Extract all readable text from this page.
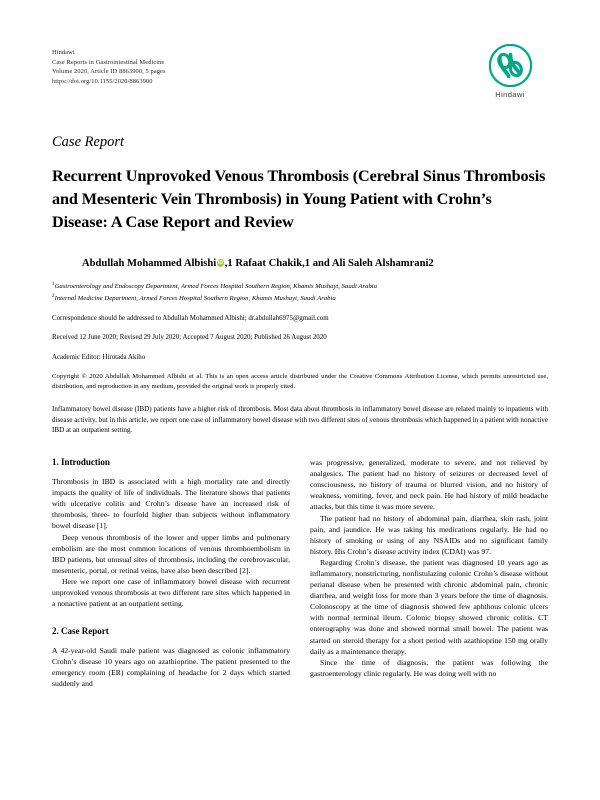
Hindawi
Case Reports in Gastrointestinal Medicine
Volume 2020, Article ID 8863900, 5 pages
https://doi.org/10.1155/2020/8863900
Hindawi
Case Report
Recurrent Unprovoked Venous Thrombosis (Cerebral Sinus Thrombosis and Mesenteric Vein Thrombosis) in Young Patient with Crohn’s Disease: A Case Report and Review
Abdullah Mohammed Albishi iD ,1 Rafaat Chakik,1 and Ali Saleh Alshamrani2

$^1$Gastroenterology and Endoscopy Department, Armed Forces Hospital Southern Region, Khamis Mushayt, Saudi Arabia

$^2$Internal Medicine Department, Armed Forces Hospital Southern Region, Khamis Mushayt, Saudi Arabia

Correspondence should be addressed to Abdullah Mohammed Albishi; dr.abdullah6975@gmail.com
Received 12 June 2020; Revised 29 July 2020; Accepted 7 August 2020; Published 26 August 2020
Academic Editor: Hirotada Akiho
Copyright © 2020 Abdullah Mohammed Albishi et al. This is an open access article distributed under the Creative Commons Attribution License, which permits unrestricted use, distribution, and reproduction in any medium, provided the original work is properly cited.
Inflammatory bowel disease (IBD) patients have a higher risk of thrombosis. Most data about thrombosis in inflammatory bowel disease are related mainly to inpatients with disease activity, but in this article, we report one case of inflammatory bowel disease with two different sites of venous thrombosis which happened in a patient with nonactive IBD at an outpatient setting.
1. Introduction

Thrombosis in IBD is associated with a high mortality rate and directly impacts the quality of life of individuals. The literature shows that patients with ulcerative colitis and Crohn’s disease have an increased risk of thrombosis, three- to fourfold higher than subjects without inflammatory bowel disease [1].

Deep venous thrombosis of the lower and upper limbs and pulmonary embolism are the most common locations of venous thromboembolism in IBD patients, but unusual sites of thrombosis, including the cerebrovascular, mesenteric, portal, or retinal veins, have also been described [2].

Here we report one case of inflammatory bowel disease with recurrent unprovoked venous thrombosis at two different rare sites which happened in a nonactive patient at an outpatient setting.

2. Case Report

A 42-year-old Saudi male patient was diagnosed as colonic inflammatory Crohn’s disease 10 years ago on azathioprine. The patient presented to the emergency room (ER) complaining of headache for 2 days which started suddenly and

was progressive, generalized, moderate to severe, and not relieved by analgesics. The patient had no history of seizures or decreased level of consciousness, no history of trauma or blurred vision, and no history of weakness, vomiting, fever, and neck pain. He had history of mild headache attacks, but this time it was more severe.

The patient had no history of abdominal pain, diarrhea, skin rash, joint pain, and jaundice. He was taking his medications regularly. He had no history of smoking or using of any NSAIDs and no significant family history. His Crohn’s disease activity index (CDAI) was 97.

Regarding Crohn’s disease, the patient was diagnosed 10 years ago as inflammatory, nonstricturing, nonfistulazing colonic Crohn’s disease without perianal disease when he presented with chronic abdominal pain, chronic diarrhea, and weight loss for more than 3 years before the time of diagnosis. Colonoscopy at the time of diagnosis showed few aphthous colonic ulcers with normal terminal ileum. Colonic biopsy showed chronic colitis. CT enterography was done and showed normal small bowel. The patient was started on steroid therapy for a short period with azathioprine 150 mg orally daily as a maintenance therapy.

Since the time of diagnosis, the patient was following the gastroenterology clinic regularly. He was doing well with no
